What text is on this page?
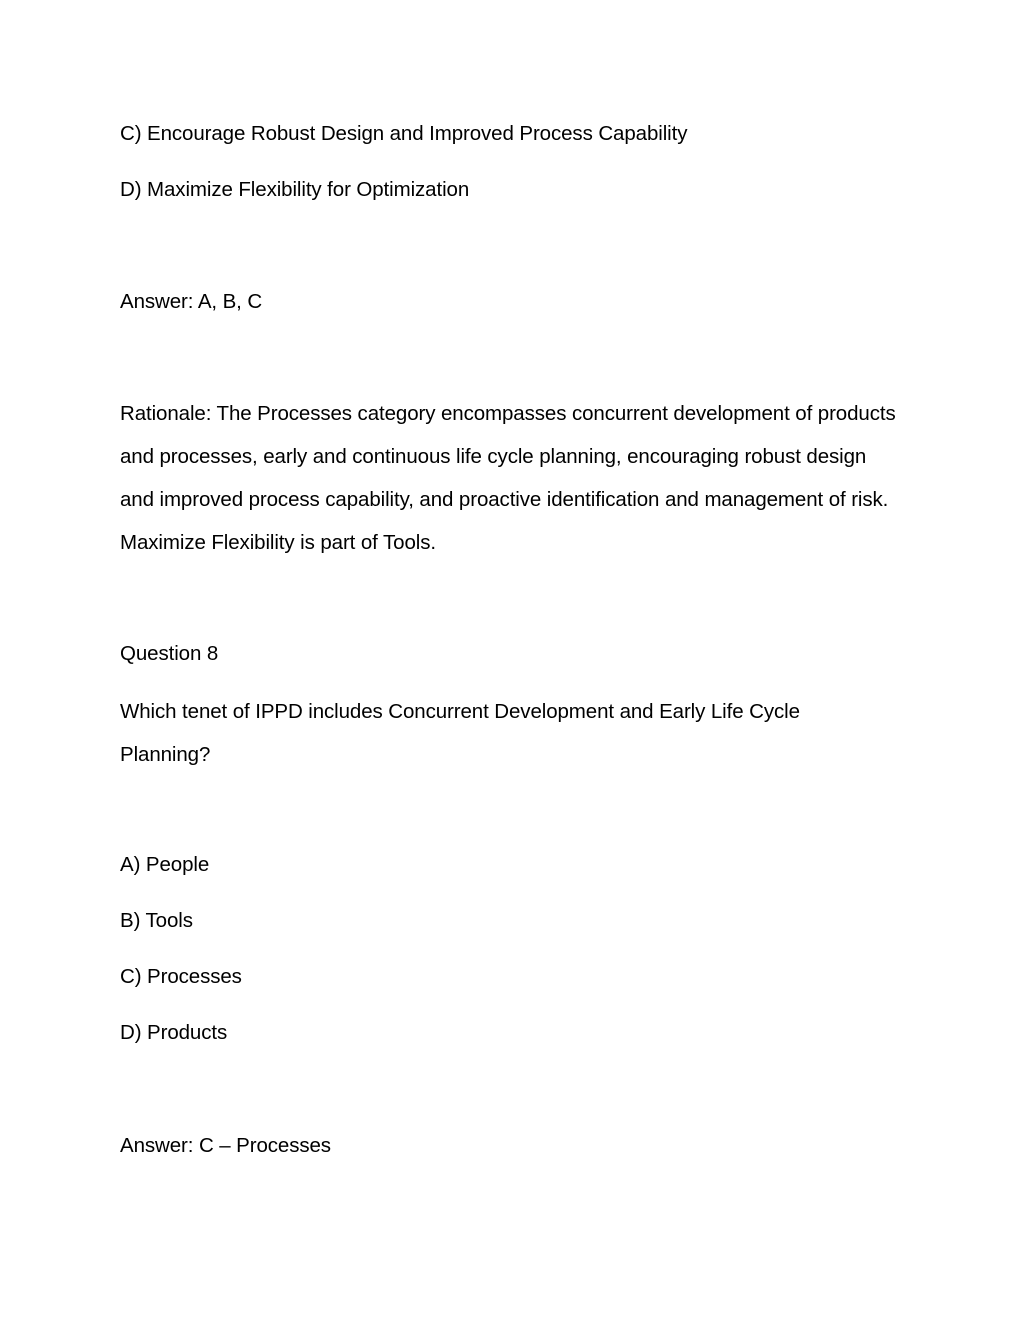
C) Encourage Robust Design and Improved Process Capability

D) Maximize Flexibility for Optimization

Answer: A, B, C

Rationale: The Processes category encompasses concurrent development of products and processes, early and continuous life cycle planning, encouraging robust design and improved process capability, and proactive identification and management of risk. Maximize Flexibility is part of Tools.

Question 8

Which tenet of IPPD includes Concurrent Development and Early Life Cycle Planning?

A) People

B) Tools

C) Processes

D) Products

Answer: C – Processes
